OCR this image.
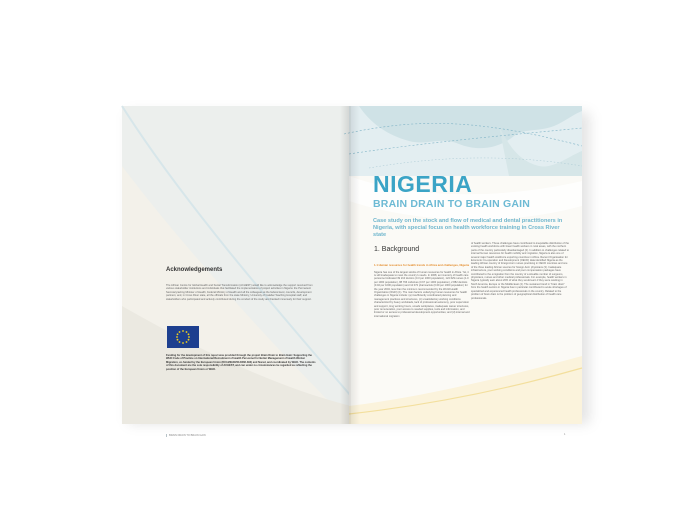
Acknowledgements
The African Centre for Global Health and Social Transformation (ACHEST) would like to acknowledge the support received from various stakeholder institutions and individuals that facilitated the implementation of project activities in Nigeria: the Permanent Secretary/acting Minister of Health, Federal Ministry of Health and all the colleagues at the federal level, councils, development partners; and, in Cross River state, all the officials from the state Ministry, University of Calabar Teaching Hospital staff, and stakeholders who participated and actively contributed during the conduct of the study are thanked immensely for their support.
Funding for the development of this report was provided through the project Brain Drain to Brain Gain: Supporting the WHO Code of Practice on International Recruitment of Health Personnel for Better Management of Health Worker Migration, co-funded by the European Union (DCI-MIGR/2013/282-393) and Norad, and coordinated by WHO. The contents of this document are the sole responsibility of ACHEST, and can under no circumstances be regarded as reflecting the position of the European Union or WHO.
BRAIN DRAIN TO BRAIN GAIN
NIGERIA
BRAIN DRAIN TO BRAIN GAIN
Case study on the stock and flow of medical and dental practitioners in Nigeria, with special focus on health workforce training in Cross River state
1. Background
1.1 Human resources for health trends in Africa and challenges, Nigeria
Nigeria has one of the largest stocks of human resources for health in Africa. Yet, it is still inadequate to meet the country's needs. In 2008, an inventory of health care personnel indicated 39 210 doctors (0.3 per 1000 population), 124 629 nurses (1.0 per 1000 population), 88 796 midwives (0.67 per 1000 population), 2 882 dentists (0.02 per 1000 population) and 12 072 pharmacists (0.09 per 1000 population) for the year 2004, less than the minimum recommended by the World Health Organization (WHO) (1). The main factors underlying human resources for health challenges in Nigeria include: (a) insufficiently coordinated planning and management practices and structures, (c) unsatisfactory working conditions characterized by heavy workloads, lack of professional autonomy, poor supervision and support, long working hours, unsafe workplaces, inadequate career structures, poor remuneration, poor access to needed supplies, tools and information, and limited or no access to professional development opportunities; and (d) internal and international migration
of health workers. These challenges have contributed to inequitable distribution of the existing health workforce with fewer health workers in rural areas, with the northern parts of the country particularly disadvantaged (2). In addition to challenges related to internal human resources for health mobility and migration, Nigeria is also one of several major health workforce exporting countries in Africa. Recent Organisation for Economic Co-operation and Development (OECD) data identified Nigeria as the leading African country of foreign-born nurses practising in OECD countries and one of the three leading African sources for foreign-born physicians (3). Inadequate infrastructure, poor working conditions and poor compensation packages have contributed to the emigration from the country of a sizeable number of surgeons, physicians, nurses and other medical professionals. For example, health workers in Nigeria typically earn about 20% of what they would earn if they were working in North America, Europe or the Middle East (4). The sustained trend in "brain drain" from the health sectors in Nigeria has in particular contributed to acute shortages of specialized and experienced health professionals in the country. Related to the problem of brain drain is the problem of geographical distribution of health care professionals.
1
